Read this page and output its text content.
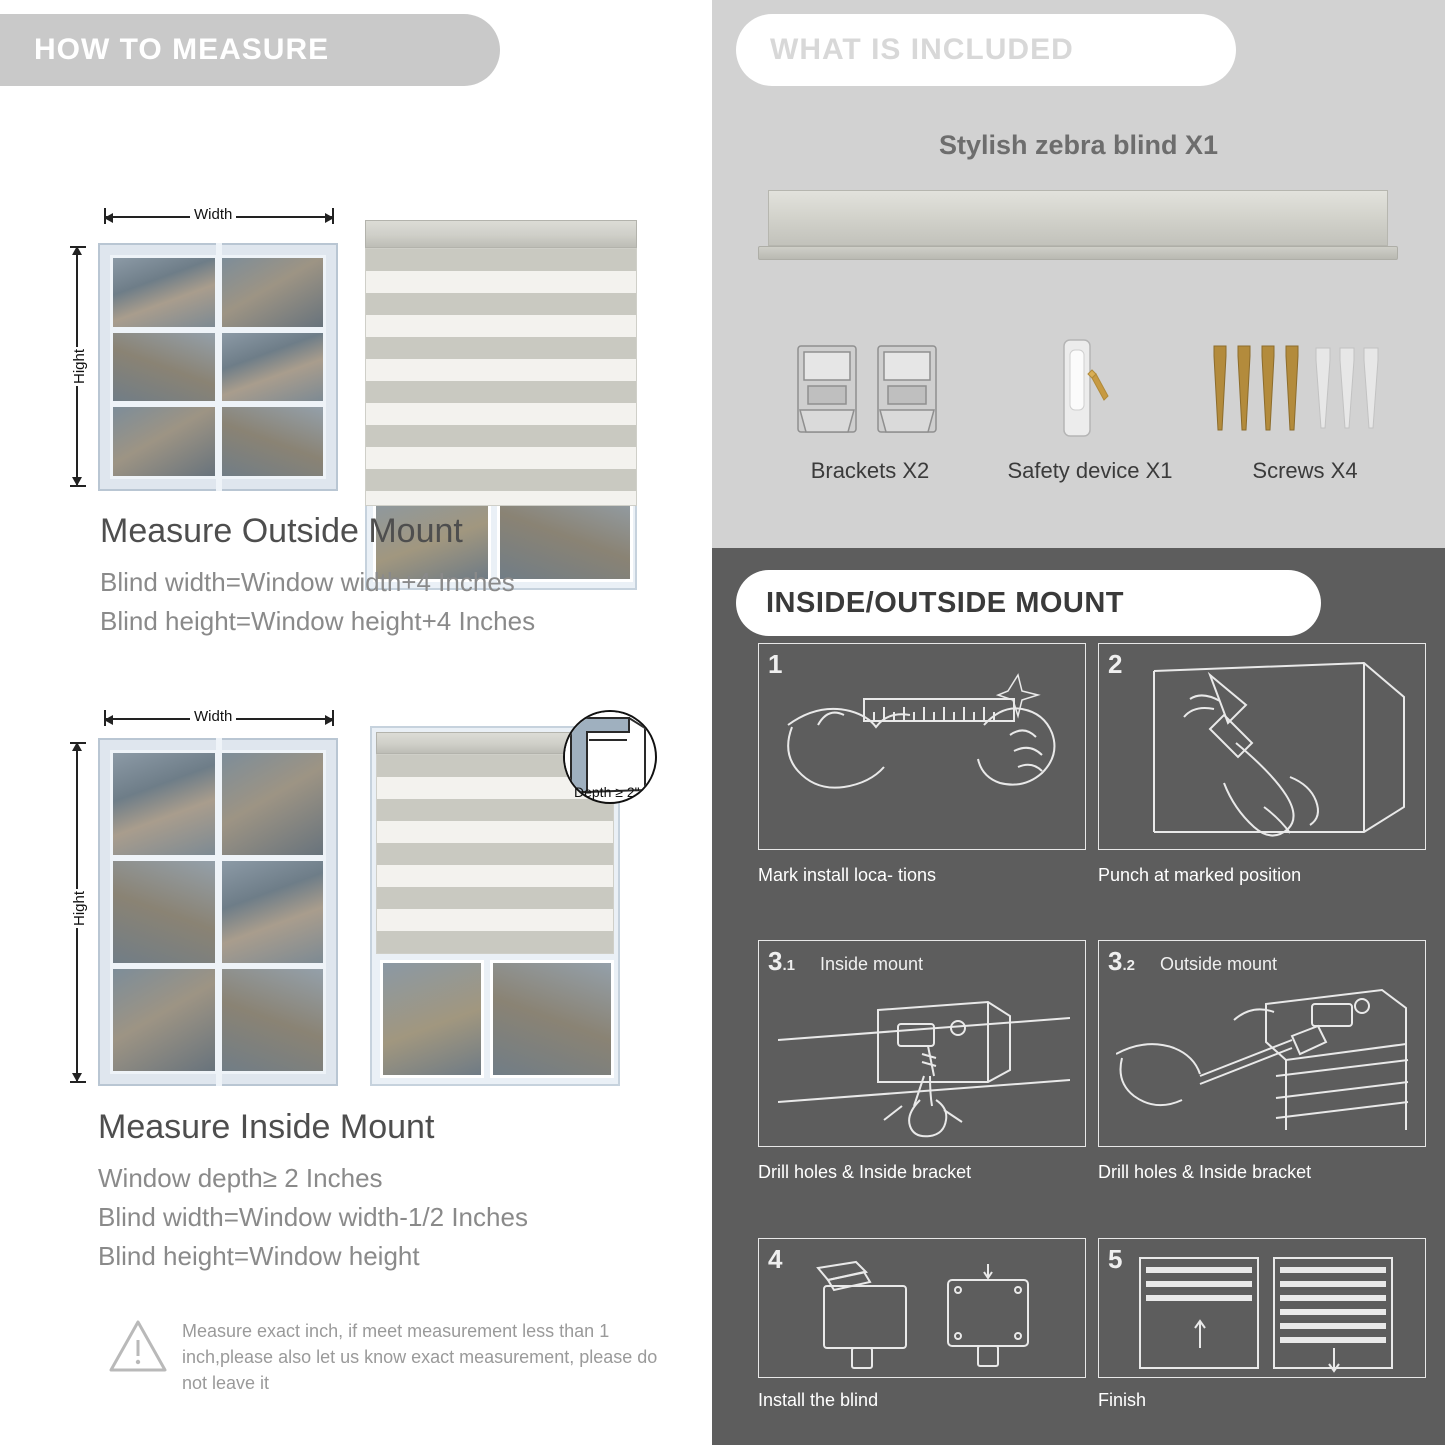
HOW TO MEASURE
Width
Hight

Measure Outside Mount

Blind width=Window width+4 Inches

Blind height=Window height+4 Inches

Width
Hight
Depth ≥ 2"

Measure Inside Mount

Window depth≥ 2 Inches

Blind width=Window width-1/2 Inches

Blind height=Window height

Measure exact inch, if meet measurement less than 1 inch,please also let us know exact measurement, please do not leave it
WHAT IS INCLUDED
Stylish zebra blind X1
Brackets X2	Safety device X1	Screws X4
INSIDE/OUTSIDE MOUNT
1
Mark install loca- tions
2
Punch at marked position
3.1 Inside mount
Drill holes & Inside bracket
3.2 Outside mount
Drill holes & Inside bracket
4
Install the blind
5
Finish
